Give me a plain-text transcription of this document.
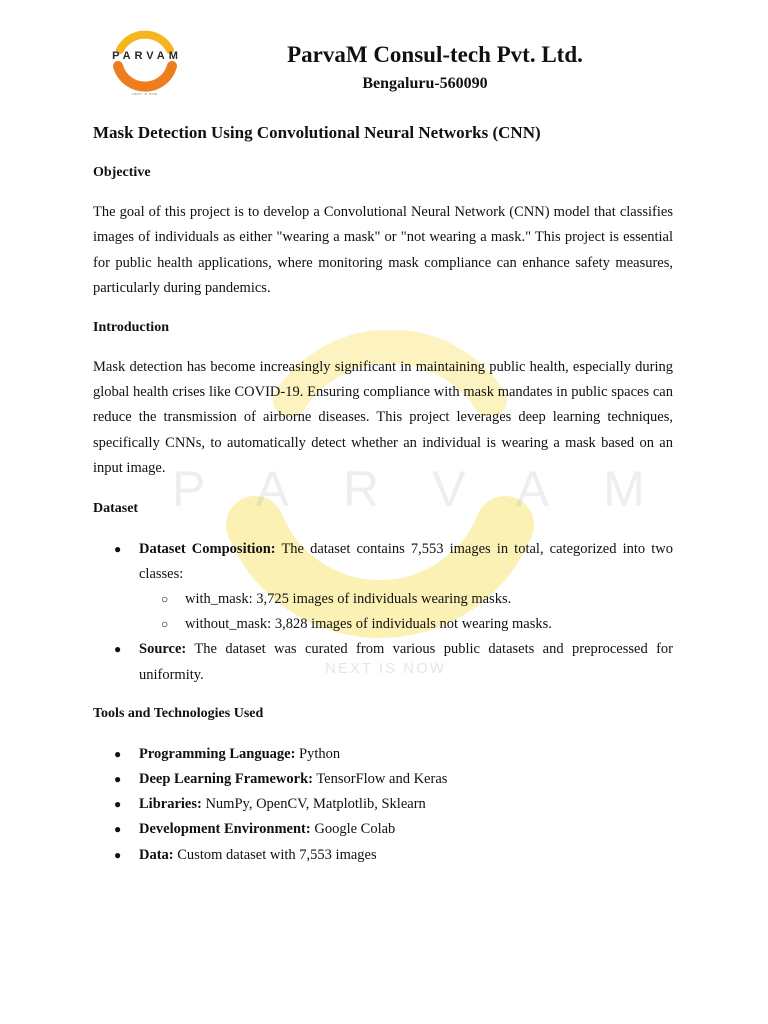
PARVAM
NEXT IS NOW
PARVAM
NEXT IS NOW
ParvaM Consul-tech Pvt. Ltd.
Bengaluru-560090
Mask Detection Using Convolutional Neural Networks (CNN)
Objective

The goal of this project is to develop a Convolutional Neural Network (CNN) model that classifies images of individuals as either "wearing a mask" or "not wearing a mask." This project is essential for public health applications, where monitoring mask compliance can enhance safety measures, particularly during pandemics.

Introduction

Mask detection has become increasingly significant in maintaining public health, especially during global health crises like COVID-19. Ensuring compliance with mask mandates in public spaces can reduce the transmission of airborne diseases. This project leverages deep learning techniques, specifically CNNs, to automatically detect whether an individual is wearing a mask based on an input image.

Dataset
● Dataset Composition: The dataset contains 7,553 images in total, categorized into two classes:
○ with_mask: 3,725 images of individuals wearing masks.
○ without_mask: 3,828 images of individuals not wearing masks.
● Source: The dataset was curated from various public datasets and preprocessed for uniformity.
Tools and Technologies Used
● Programming Language: Python
● Deep Learning Framework: TensorFlow and Keras
● Libraries: NumPy, OpenCV, Matplotlib, Sklearn
● Development Environment: Google Colab
● Data: Custom dataset with 7,553 images
